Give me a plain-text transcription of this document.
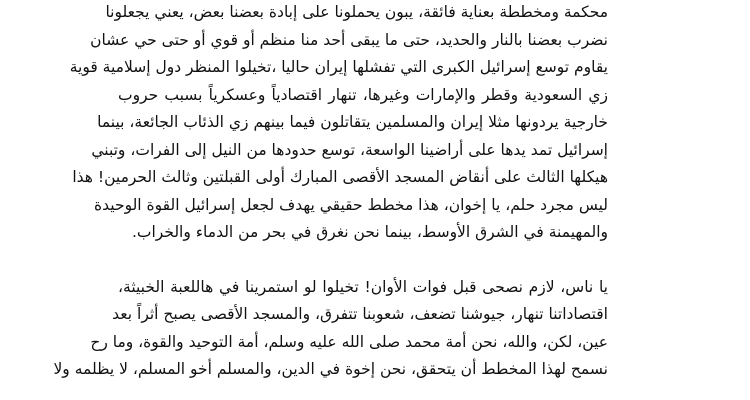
محكمة ومخططة بعناية فائقة، يبون يحملونا على إبادة بعضنا بعض، يعني يجعلونا
نضرب بعضنا بالنار والحديد، حتى ما يبقى أحد منا منظم أو قوي أو حتى حي عشان
يقاوم توسع إسرائيل الكبرى التي تفشلها إيران حاليا ،تخيلوا المنظر دول إسلامية قوية
زي السعودية وقطر والإمارات وغيرها، تنهار اقتصادياً وعسكرياً بسبب حروب
خارجية يردونها مثلا إيران والمسلمين يتقاتلون فيما بينهم زي الذئاب الجائعة، بينما
إسرائيل تمد يدها على أراضينا الواسعة، توسع حدودها من النيل إلى الفرات، وتبني
هيكلها الثالث على أنقاض المسجد الأقصى المبارك أولى القبلتين وثالث الحرمين! هذا
ليس مجرد حلم، يا إخوان، هذا مخطط حقيقي يهدف لجعل إسرائيل القوة الوحيدة
والمهيمنة في الشرق الأوسط، بينما نحن نغرق في بحر من الدماء والخراب.
يا ناس، لازم نصحى قبل فوات الأوان! تخيلوا لو استمرينا في هاللعبة الخبيثة،
اقتصاداتنا تنهار، جيوشنا تضعف، شعوبنا تتفرق، والمسجد الأقصى يصبح أثراً بعد
عين، لكن، والله، نحن أمة محمد صلى الله عليه وسلم، أمة التوحيد والقوة، وما رح
نسمح لهذا المخطط أن يتحقق، نحن إخوة في الدين، والمسلم أخو المسلم، لا يظلمه ولا
